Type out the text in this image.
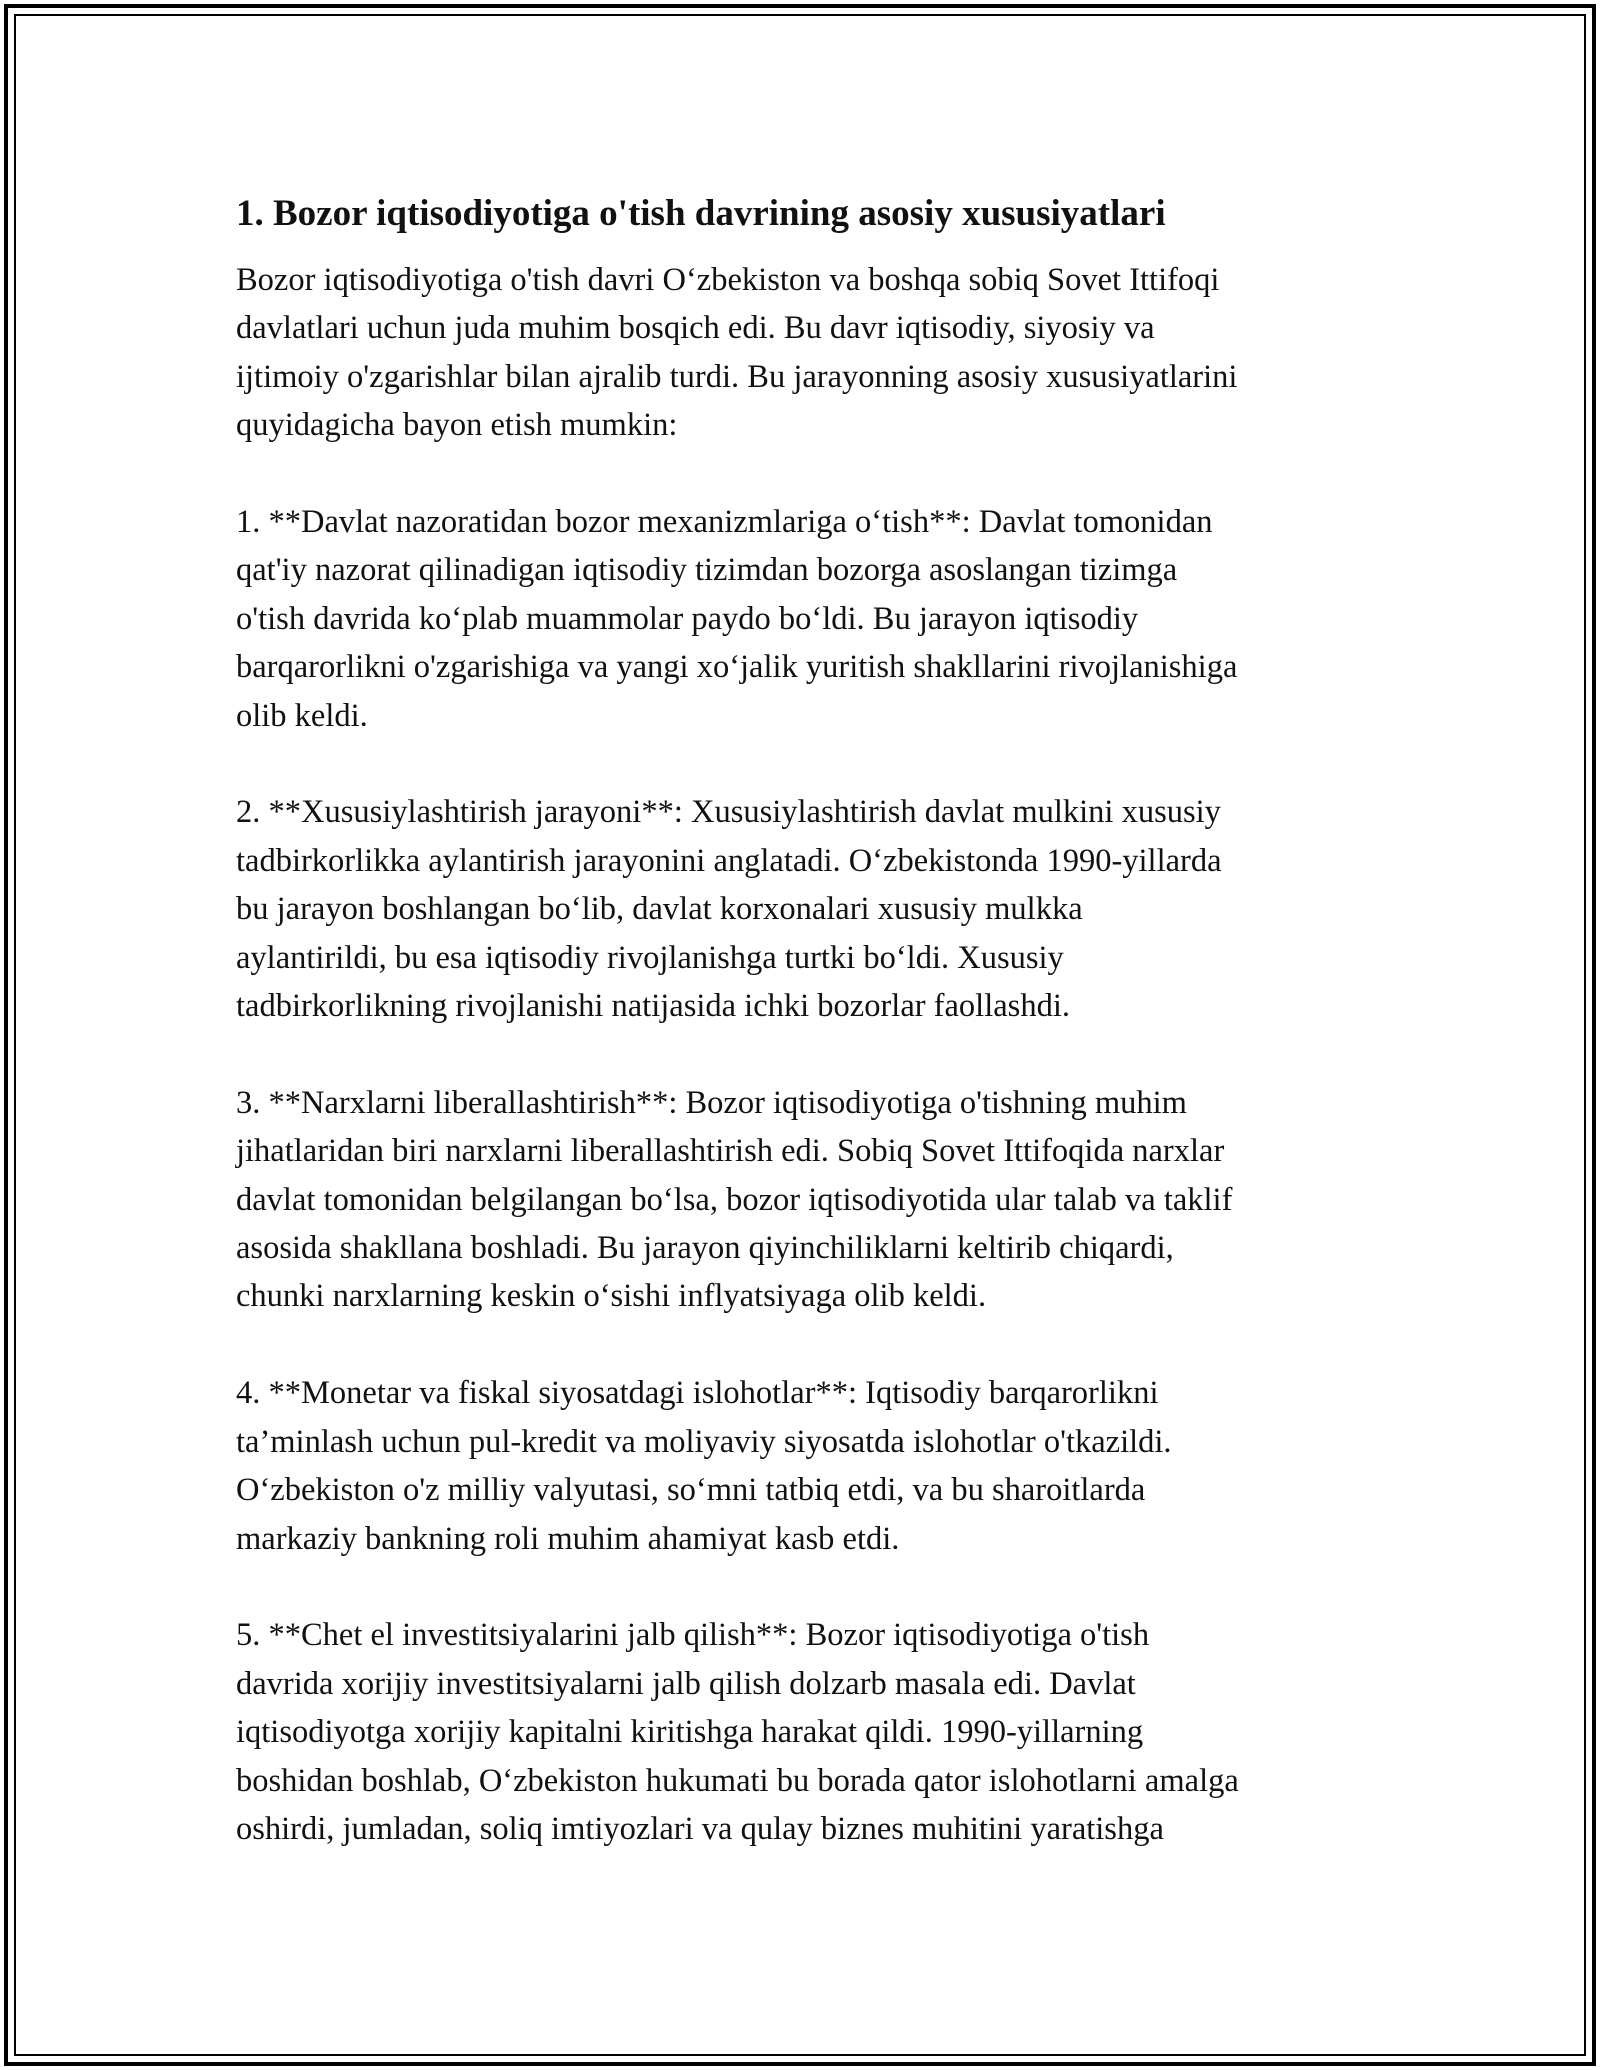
1. Bozor iqtisodiyotiga o'tish davrining asosiy xususiyatlari

Bozor iqtisodiyotiga o'tish davri O‘zbekiston va boshqa sobiq Sovet Ittifoqi
davlatlari uchun juda muhim bosqich edi. Bu davr iqtisodiy, siyosiy va
ijtimoiy o'zgarishlar bilan ajralib turdi. Bu jarayonning asosiy xususiyatlarini
quyidagicha bayon etish mumkin:

1. **Davlat nazoratidan bozor mexanizmlariga o‘tish**: Davlat tomonidan
qat'iy nazorat qilinadigan iqtisodiy tizimdan bozorga asoslangan tizimga
o'tish davrida ko‘plab muammolar paydo bo‘ldi. Bu jarayon iqtisodiy
barqarorlikni o'zgarishiga va yangi xo‘jalik yuritish shakllarini rivojlanishiga
olib keldi.

2. **Xususiylashtirish jarayoni**: Xususiylashtirish davlat mulkini xususiy
tadbirkorlikka aylantirish jarayonini anglatadi. O‘zbekistonda 1990-yillarda
bu jarayon boshlangan bo‘lib, davlat korxonalari xususiy mulkka
aylantirildi, bu esa iqtisodiy rivojlanishga turtki bo‘ldi. Xususiy
tadbirkorlikning rivojlanishi natijasida ichki bozorlar faollashdi.

3. **Narxlarni liberallashtirish**: Bozor iqtisodiyotiga o'tishning muhim
jihatlaridan biri narxlarni liberallashtirish edi. Sobiq Sovet Ittifoqida narxlar
davlat tomonidan belgilangan bo‘lsa, bozor iqtisodiyotida ular talab va taklif
asosida shakllana boshladi. Bu jarayon qiyinchiliklarni keltirib chiqardi,
chunki narxlarning keskin o‘sishi inflyatsiyaga olib keldi.

4. **Monetar va fiskal siyosatdagi islohotlar**: Iqtisodiy barqarorlikni
ta’minlash uchun pul-kredit va moliyaviy siyosatda islohotlar o'tkazildi.
O‘zbekiston o'z milliy valyutasi, so‘mni tatbiq etdi, va bu sharoitlarda
markaziy bankning roli muhim ahamiyat kasb etdi.

5. **Chet el investitsiyalarini jalb qilish**: Bozor iqtisodiyotiga o'tish
davrida xorijiy investitsiyalarni jalb qilish dolzarb masala edi. Davlat
iqtisodiyotga xorijiy kapitalni kiritishga harakat qildi. 1990-yillarning
boshidan boshlab, O‘zbekiston hukumati bu borada qator islohotlarni amalga
oshirdi, jumladan, soliq imtiyozlari va qulay biznes muhitini yaratishga
